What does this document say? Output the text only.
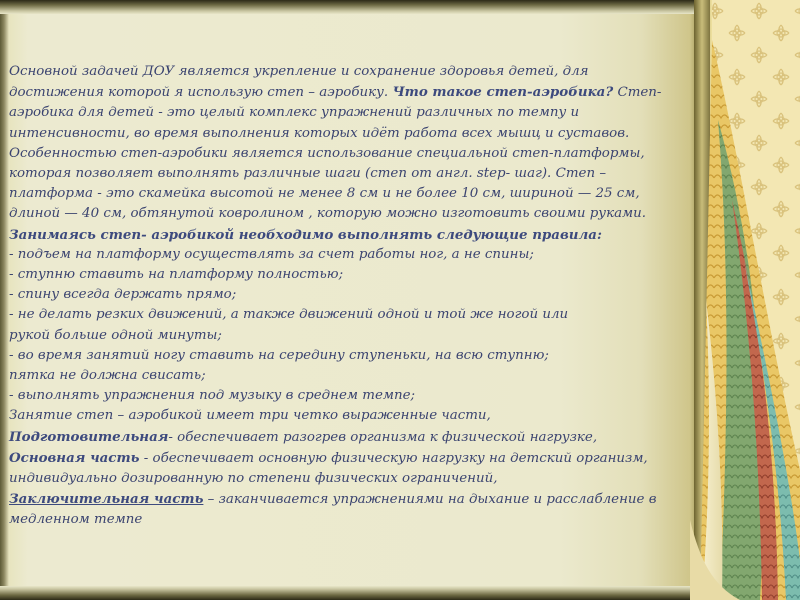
Основной задачей ДОУ является укрепление и сохранение здоровья детей, для

достижения которой я использую степ – аэробику. Что такое степ-аэробика? Степ-

аэробика для детей - это целый комплекс упражнений различных по темпу и

интенсивности, во время выполнения которых идёт работа всех мышц и суставов.

Особенностью степ-аэробики является использование специальной степ-платформы,

которая позволяет выполнять различные шаги (степ от англ. step- шаг). Степ –

платформа - это скамейка высотой не менее 8 см и не более 10 см, шириной — 25 см,

длиной — 40 см, обтянутой ковролином , которую можно изготовить своими руками.

Занимаясь степ- аэробикой необходимо выполнять следующие правила:

- подъем на платформу осуществлять за счет работы ног, а не спины;

- ступню ставить на платформу полностью;

- спину всегда держать прямо;

- не делать резких движений, а также движений одной и той же ногой или

рукой больше одной минуты;

- во время занятий ногу ставить на середину ступеньки, на всю ступню;

пятка не должна свисать;

- выполнять упражнения под музыку в среднем темпе;

Занятие степ – аэробикой имеет три четко выраженные части,

Подготовительная- обеспечивает разогрев организма к физической нагрузке,

Основная часть - обеспечивает основную физическую нагрузку на детский организм,

индивидуально дозированную по степени физических ограничений,

Заключительная часть – заканчивается упражнениями на дыхание и расслабление в

медленном темпе
